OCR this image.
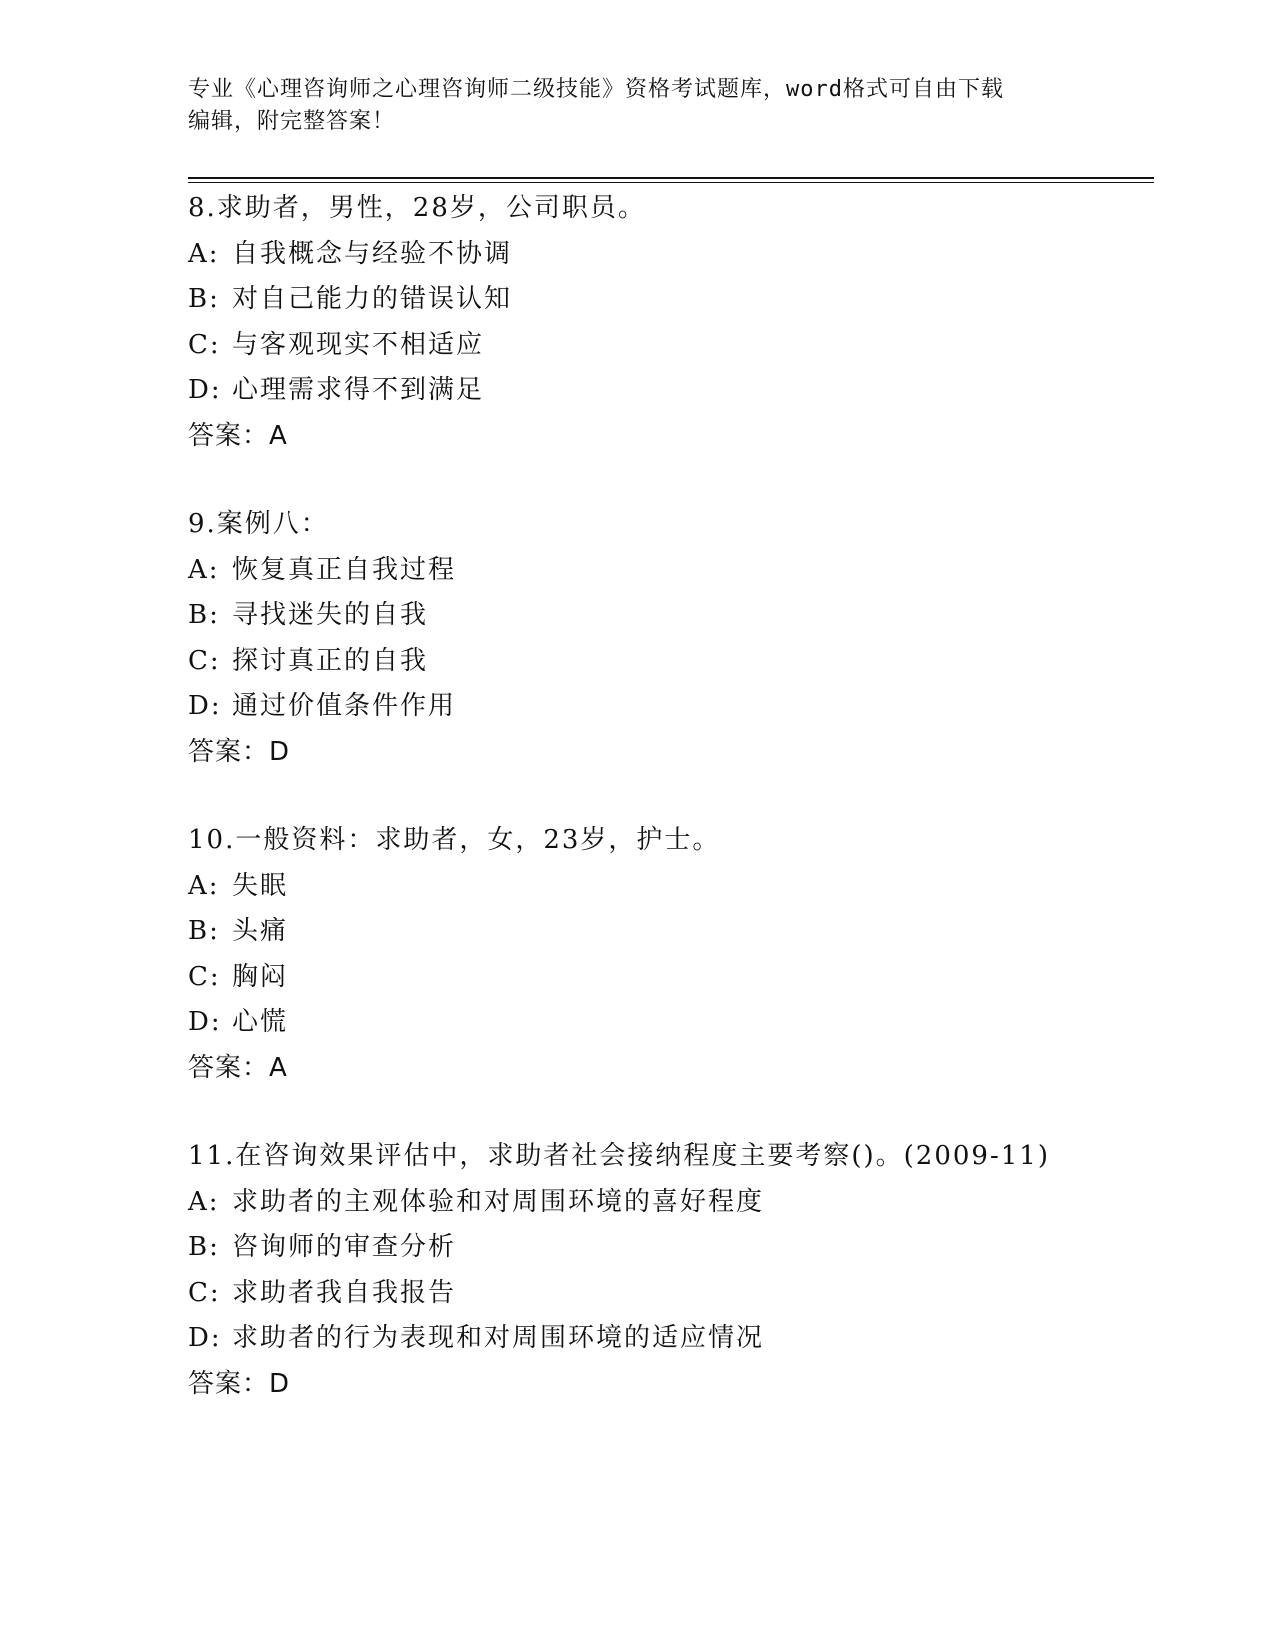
专业《心理咨询师之心理咨询师二级技能》资格考试题库，word格式可自由下载
编辑，附完整答案！
8.求助者，男性，28岁，公司职员。
A: 自我概念与经验不协调
B: 对自己能力的错误认知
C: 与客观现实不相适应
D: 心理需求得不到满足
答案：A
9.案例八：
A: 恢复真正自我过程
B: 寻找迷失的自我
C: 探讨真正的自我
D: 通过价值条件作用
答案：D
10.一般资料：求助者，女，23岁，护士。
A: 失眠
B: 头痛
C: 胸闷
D: 心慌
答案：A
11.在咨询效果评估中，求助者社会接纳程度主要考察()。(2009-11)
A: 求助者的主观体验和对周围环境的喜好程度
B: 咨询师的审查分析
C: 求助者我自我报告
D: 求助者的行为表现和对周围环境的适应情况
答案：D
